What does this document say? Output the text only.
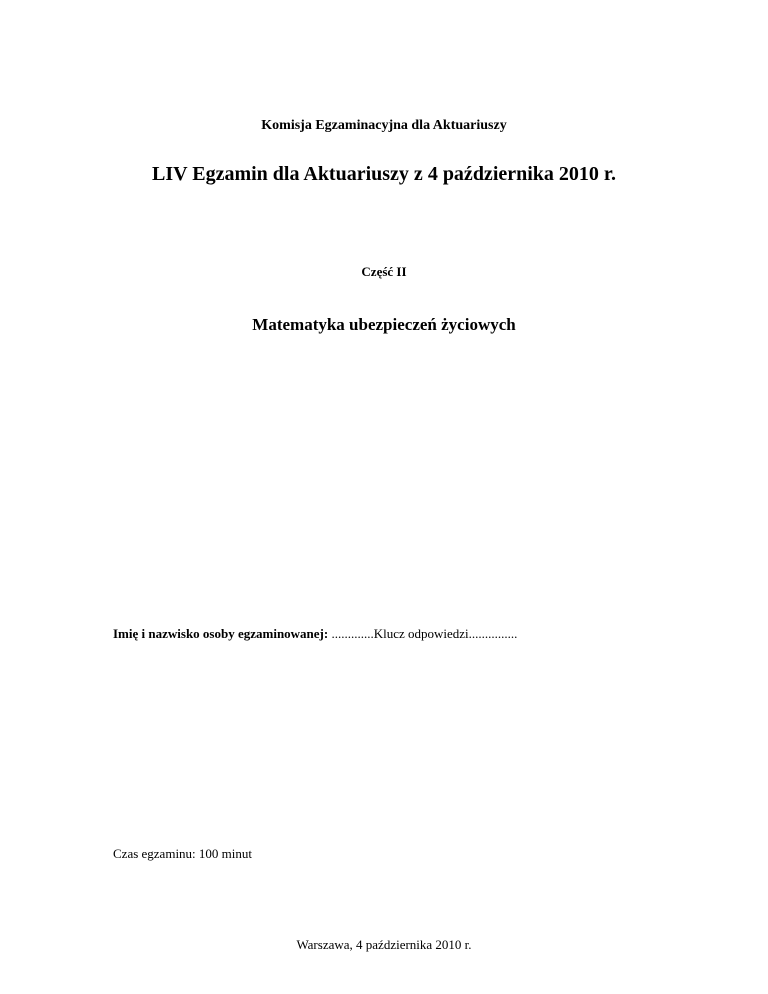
Komisja Egzaminacyjna dla Aktuariuszy
LIV Egzamin dla Aktuariuszy z 4 października 2010 r.
Część II
Matematyka ubezpieczeń życiowych
Imię i nazwisko osoby egzaminowanej: .............Klucz odpowiedzi...............
Czas egzaminu: 100 minut
Warszawa, 4 października 2010 r.
